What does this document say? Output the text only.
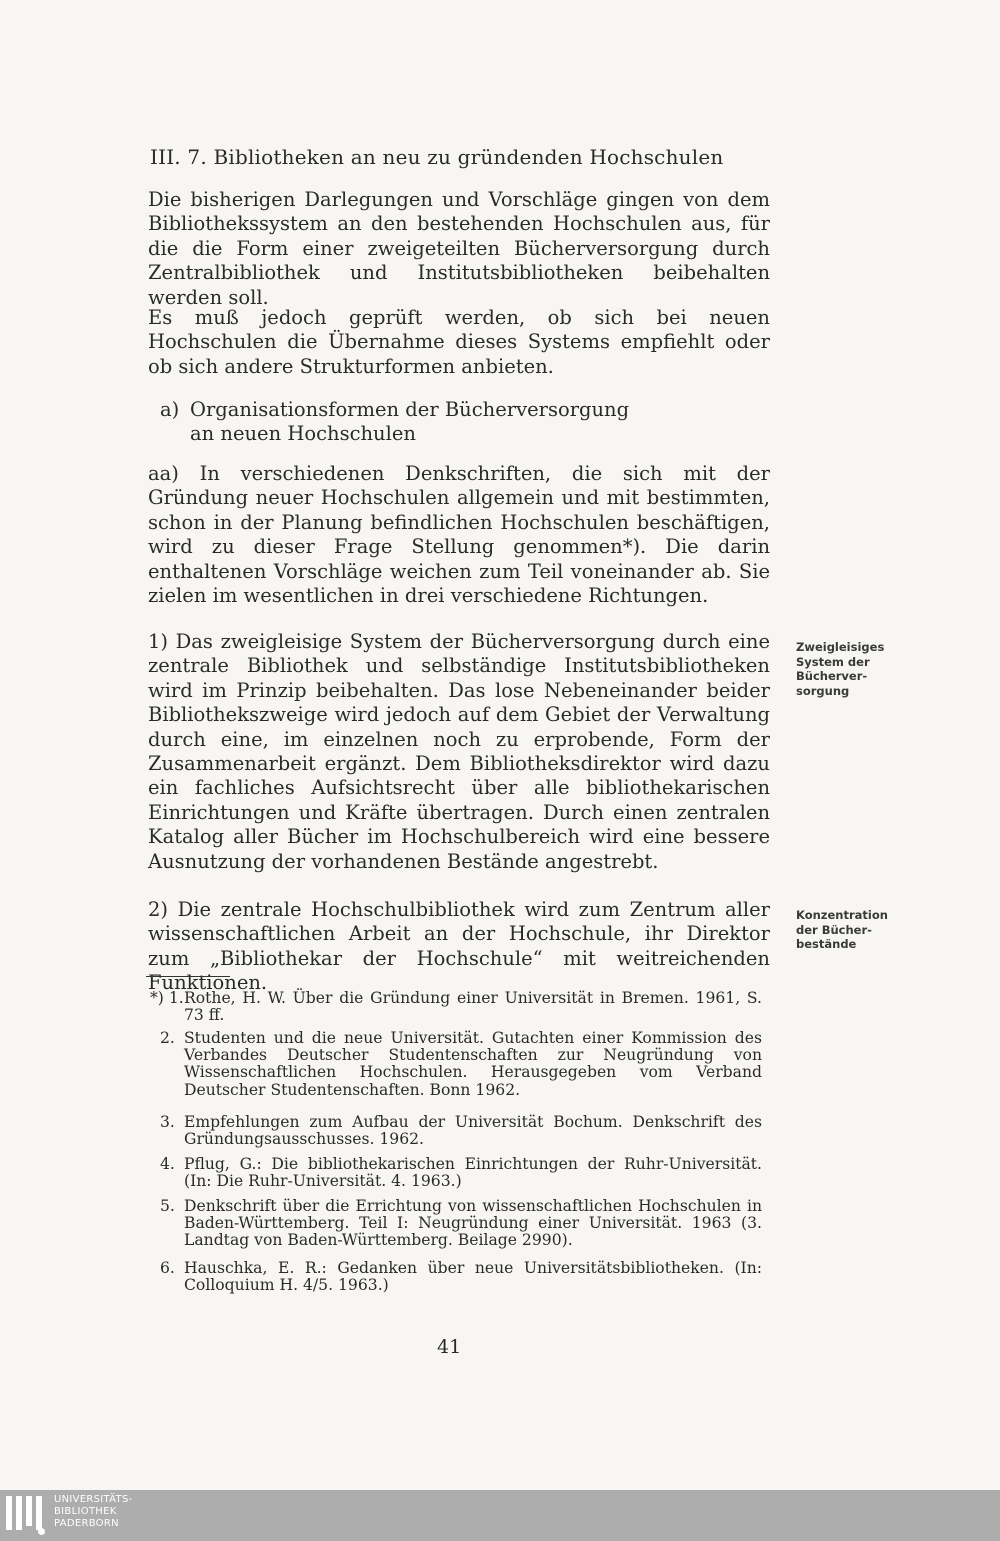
III. 7. Bibliotheken an neu zu gründenden Hochschulen

Die bisherigen Darlegungen und Vorschläge gingen von dem Bibliothekssystem an den bestehenden Hochschulen aus, für die die Form einer zweigeteilten Bücherversorgung durch Zentralbibliothek und Institutsbibliotheken beibehalten werden soll.

Es muß jedoch geprüft werden, ob sich bei neuen Hochschulen die Übernahme dieses Systems empfiehlt oder ob sich andere Strukturformen anbieten.

a) Organisationsformen der Bücherversorgung
an neuen Hochschulen

aa) In verschiedenen Denkschriften, die sich mit der Gründung neuer Hochschulen allgemein und mit bestimmten, schon in der Planung befindlichen Hochschulen beschäftigen, wird zu dieser Frage Stellung genommen*). Die darin enthaltenen Vorschläge weichen zum Teil voneinander ab. Sie zielen im wesentlichen in drei verschiedene Richtungen.

1) Das zweigleisige System der Bücherversorgung durch eine zentrale Bibliothek und selbständige Institutsbibliotheken wird im Prinzip beibehalten. Das lose Nebeneinander beider Bibliothekszweige wird jedoch auf dem Gebiet der Verwaltung durch eine, im einzelnen noch zu erprobende, Form der Zusammenarbeit ergänzt. Dem Bibliotheksdirektor wird dazu ein fachliches Aufsichtsrecht über alle bibliothekarischen Einrichtungen und Kräfte übertragen. Durch einen zentralen Katalog aller Bücher im Hochschulbereich wird eine bessere Ausnutzung der vorhandenen Bestände angestrebt.

2) Die zentrale Hochschulbibliothek wird zum Zentrum aller wissenschaftlichen Arbeit an der Hochschule, ihr Direktor zum „Bibliothekar der Hochschule“ mit weitreichenden Funktionen.

Zweigleisiges System der Bücherver-sorgung
Konzentration der Bücher-bestände
*) 1. Rothe, H. W. Über die Gründung einer Universität in Bremen. 1961, S. 73 ff.
2. Studenten und die neue Universität. Gutachten einer Kommission des Verbandes Deutscher Studentenschaften zur Neugründung von Wissenschaftlichen Hochschulen. Herausgegeben vom Verband Deutscher Studentenschaften. Bonn 1962.
3. Empfehlungen zum Aufbau der Universität Bochum. Denkschrift des Gründungsausschusses. 1962.
4. Pflug, G.: Die bibliothekarischen Einrichtungen der Ruhr-Universität. (In: Die Ruhr-Universität. 4. 1963.)
5. Denkschrift über die Errichtung von wissenschaftlichen Hochschulen in Baden-Württemberg. Teil I: Neugründung einer Universität. 1963 (3. Landtag von Baden-Württemberg. Beilage 2990).
6. Hauschka, E. R.: Gedanken über neue Universitätsbibliotheken. (In: Colloquium H. 4/5. 1963.)
41
UNIVERSITÄTS-
BIBLIOTHEK
PADERBORN
